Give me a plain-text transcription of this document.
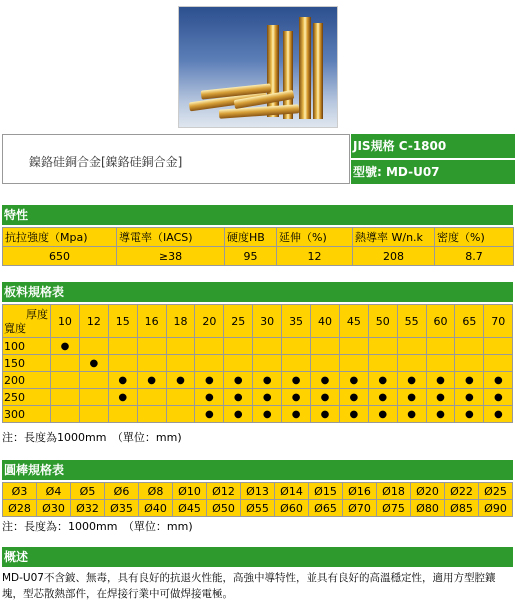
鎳鉻硅銅合金[鎳鉻硅銅合金]
JIS規格 C-1800
型號: MD-U07
特性
抗拉強度（Mpa)	導電率（IACS)	硬度HB	延伸（%)	熱導率 W/n.k	密度（%)
650	≥38	95	12	208	8.7
板料規格表
厚度
寬度	10	12	15	16	18	20	25	30	35	40	45	50	55	60	65	70
100	●															
150		●														
200			●	●	●	●	●	●	●	●	●	●	●	●	●	●
250			●			●	●	●	●	●	●	●	●	●	●	●
300						●	●	●	●	●	●	●	●	●	●	●
注：長度為1000mm　（單位：mm)
圓棒規格表
Ø3	Ø4	Ø5	Ø6	Ø8	Ø10	Ø12	Ø13	Ø14	Ø15	Ø16	Ø18	Ø20	Ø22	Ø25
Ø28	Ø30	Ø32	Ø35	Ø40	Ø45	Ø50	Ø55	Ø60	Ø65	Ø70	Ø75	Ø80	Ø85	Ø90
注：長度為：1000mm　（單位：mm)
概述
MD-U07不含鈹、無毒，具有良好的抗退火性能，高強中導特性，並具有良好的高溫穩定性，適用方型腔鑲塊，型芯散熱部件，在焊接行業中可做焊接電極。
